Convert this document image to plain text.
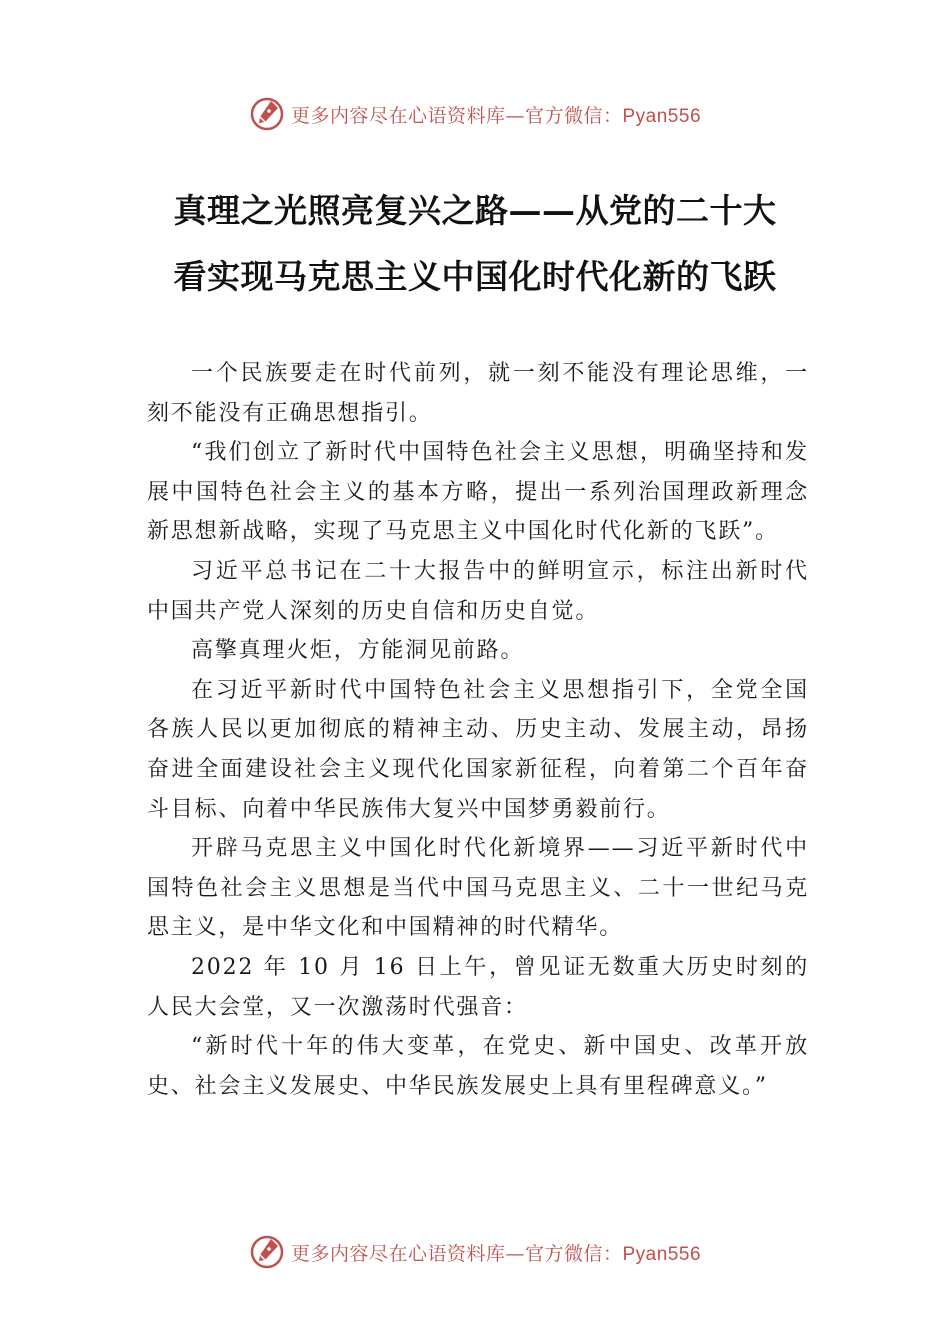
更多内容尽在心语资料库—官方微信：Pyan556
真理之光照亮复兴之路——从党的二十大
看实现马克思主义中国化时代化新的飞跃

一个民族要走在时代前列，就一刻不能没有理论思维，一刻不能没有正确思想指引。

“我们创立了新时代中国特色社会主义思想，明确坚持和发展中国特色社会主义的基本方略，提出一系列治国理政新理念新思想新战略，实现了马克思主义中国化时代化新的飞跃”。

习近平总书记在二十大报告中的鲜明宣示，标注出新时代中国共产党人深刻的历史自信和历史自觉。

高擎真理火炬，方能洞见前路。

在习近平新时代中国特色社会主义思想指引下，全党全国各族人民以更加彻底的精神主动、历史主动、发展主动，昂扬奋进全面建设社会主义现代化国家新征程，向着第二个百年奋斗目标、向着中华民族伟大复兴中国梦勇毅前行。

开辟马克思主义中国化时代化新境界——习近平新时代中国特色社会主义思想是当代中国马克思主义、二十一世纪马克思主义，是中华文化和中国精神的时代精华。

2022 年 10 月 16 日上午，曾见证无数重大历史时刻的人民大会堂，又一次激荡时代强音：

“新时代十年的伟大变革，在党史、新中国史、改革开放史、社会主义发展史、中华民族发展史上具有里程碑意义。”

更多内容尽在心语资料库—官方微信：Pyan556
